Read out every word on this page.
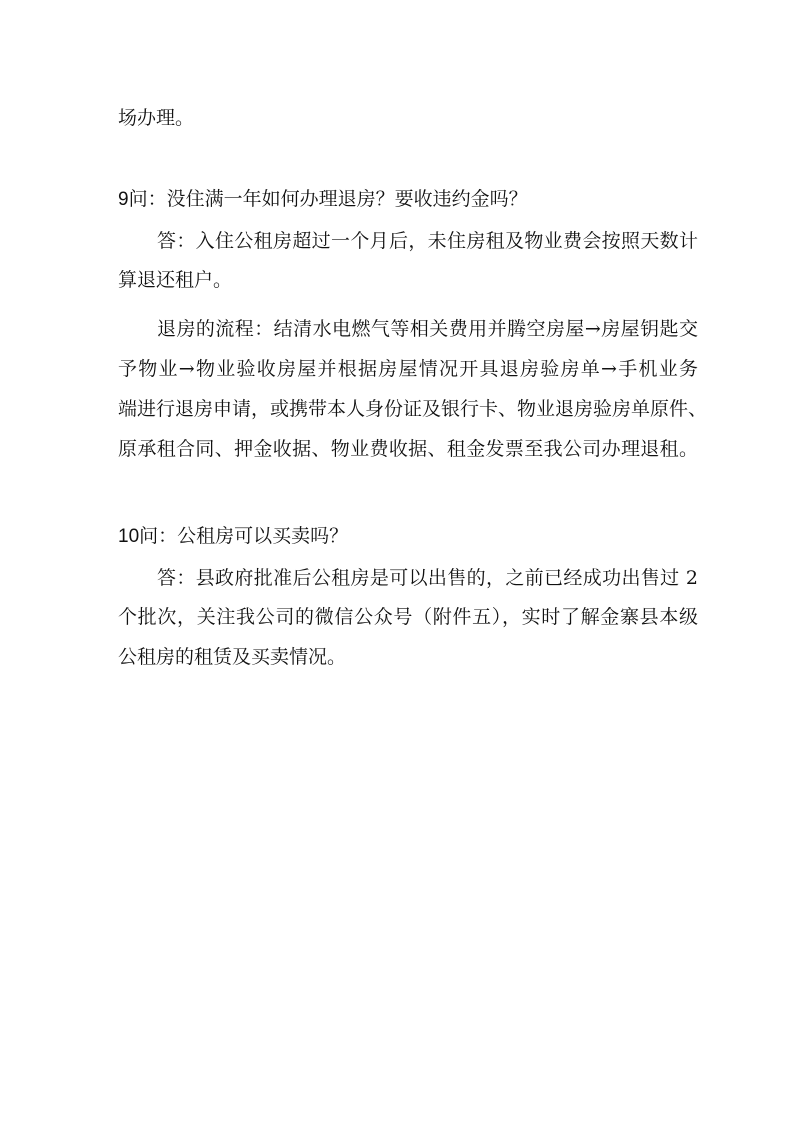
场办理。
9问：没住满一年如何办理退房？要收违约金吗？
答：入住公租房超过一个月后，未住房租及物业费会按照天数计
算退还租户。
退房的流程：结清水电燃气等相关费用并腾空房屋→房屋钥匙交
予物业→物业验收房屋并根据房屋情况开具退房验房单→手机业务
端进行退房申请，或携带本人身份证及银行卡、物业退房验房单原件、
原承租合同、押金收据、物业费收据、租金发票至我公司办理退租。
10问：公租房可以买卖吗？
答：县政府批准后公租房是可以出售的，之前已经成功出售过 2
个批次，关注我公司的微信公众号（附件五），实时了解金寨县本级
公租房的租赁及买卖情况。
